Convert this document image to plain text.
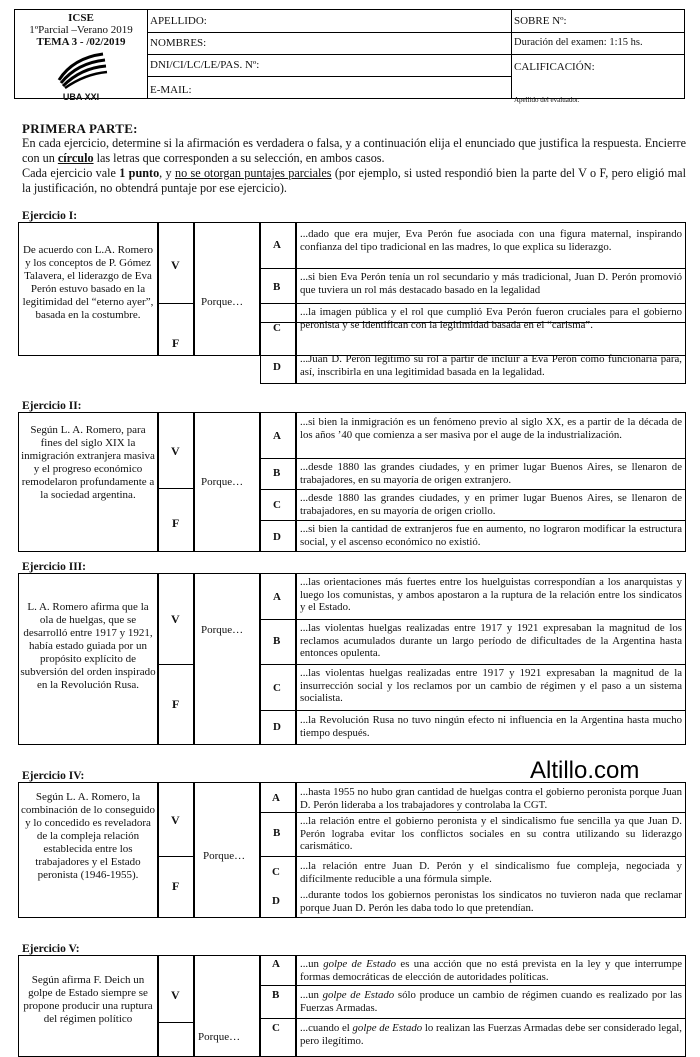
ICSE
1ºParcial –Verano 2019
TEMA 3 - /02/2019
UBA XXI
APELLIDO:
NOMBRES:
DNI/CI/LC/LE/PAS. Nº:
E-MAIL:
SOBRE Nº:
Duración del examen: 1:15 hs.
CALIFICACIÓN:
Apellido del evaluador.
PRIMERA PARTE:

En cada ejercicio, determine si la afirmación es verdadera o falsa, y a continuación elija el enunciado que justifica la respuesta. Encierre con un círculo las letras que corresponden a su selección, en ambos casos.

Cada ejercicio vale 1 punto, y no se otorgan puntajes parciales (por ejemplo, si usted respondió bien la parte del V o F, pero eligió mal la justificación, no obtendrá puntaje por ese ejercicio).

Ejercicio I:
De acuerdo con L.A. Romero y los conceptos de P. Gómez Talavera, el liderazgo de Eva Perón estuvo basado en la legitimidad del “eterno ayer”, basada en la costumbre.
V
F
Porque…
A
B
C
D
...dado que era mujer, Eva Perón fue asociada con una figura maternal, inspirando confianza del tipo tradicional en las madres, lo que explica su liderazgo.
...si bien Eva Perón tenía un rol secundario y más tradicional, Juan D. Perón promovió que tuviera un rol más destacado basado en la legalidad
...la imagen pública y el rol que cumplió Eva Perón fueron cruciales para el gobierno peronista y se identifican con la legitimidad basada en el “carisma”.
...Juan D. Perón legitimó su rol a partir de incluir a Eva Perón como funcionaria para, así, inscribirla en una legitimidad basada en la legalidad.
Ejercicio II:
Según L. A. Romero, para fines del siglo XIX la inmigración extranjera masiva y el progreso económico remodelaron profundamente a la sociedad argentina.
V
F
Porque…
A
B
C
D
...si bien la inmigración es un fenómeno previo al siglo XX, es a partir de la década de los años ’40 que comienza a ser masiva por el auge de la industrialización.
...desde 1880 las grandes ciudades, y en primer lugar Buenos Aires, se llenaron de trabajadores, en su mayoría de origen extranjero.
...desde 1880 las grandes ciudades, y en primer lugar Buenos Aires, se llenaron de trabajadores, en su mayoría de origen criollo.
...si bien la cantidad de extranjeros fue en aumento, no lograron modificar la estructura social, y el ascenso económico no existió.
Ejercicio III:
L. A. Romero afirma que la ola de huelgas, que se desarrolló entre 1917 y 1921, había estado guiada por un propósito explícito de subversión del orden inspirado en la Revolución Rusa.
V
F
Porque…
A
B
C
D
...las orientaciones más fuertes entre los huelguistas correspondían a los anarquistas y luego los comunistas, y ambos apostaron a la ruptura de la relación entre los sindicatos y el Estado.
...las violentas huelgas realizadas entre 1917 y 1921 expresaban la magnitud de los reclamos acumulados durante un largo período de dificultades de la Argentina hasta entonces opulenta.
...las violentas huelgas realizadas entre 1917 y 1921 expresaban la magnitud de la insurrección social y los reclamos por un cambio de régimen y el paso a un sistema socialista.
...la Revolución Rusa no tuvo ningún efecto ni influencia en la Argentina hasta mucho tiempo después.
Altillo.com
Ejercicio IV:
Según L. A. Romero, la combinación de lo conseguido y lo concedido es reveladora de la compleja relación establecida entre los trabajadores y el Estado peronista (1946-1955).
V
F
Porque…
A
B
C
D
...hasta 1955 no hubo gran cantidad de huelgas contra el gobierno peronista porque Juan D. Perón lideraba a los trabajadores y controlaba la CGT.
...la relación entre el gobierno peronista y el sindicalismo fue sencilla ya que Juan D. Perón lograba evitar los conflictos sociales en su contra utilizando su liderazgo carismático.
...la relación entre Juan D. Perón y el sindicalismo fue compleja, negociada y difícilmente reducible a una fórmula simple.
...durante todos los gobiernos peronistas los sindicatos no tuvieron nada que reclamar porque Juan D. Perón les daba todo lo que pretendían.
Ejercicio V:
Según afirma F. Deich un golpe de Estado siempre se propone producir una ruptura del régimen político
V
Porque…
A
B
C
...un golpe de Estado es una acción que no está prevista en la ley y que interrumpe formas democráticas de elección de autoridades políticas.
...un golpe de Estado sólo produce un cambio de régimen cuando es realizado por las Fuerzas Armadas.
...cuando el golpe de Estado lo realizan las Fuerzas Armadas debe ser considerado legal, pero ilegítimo.
